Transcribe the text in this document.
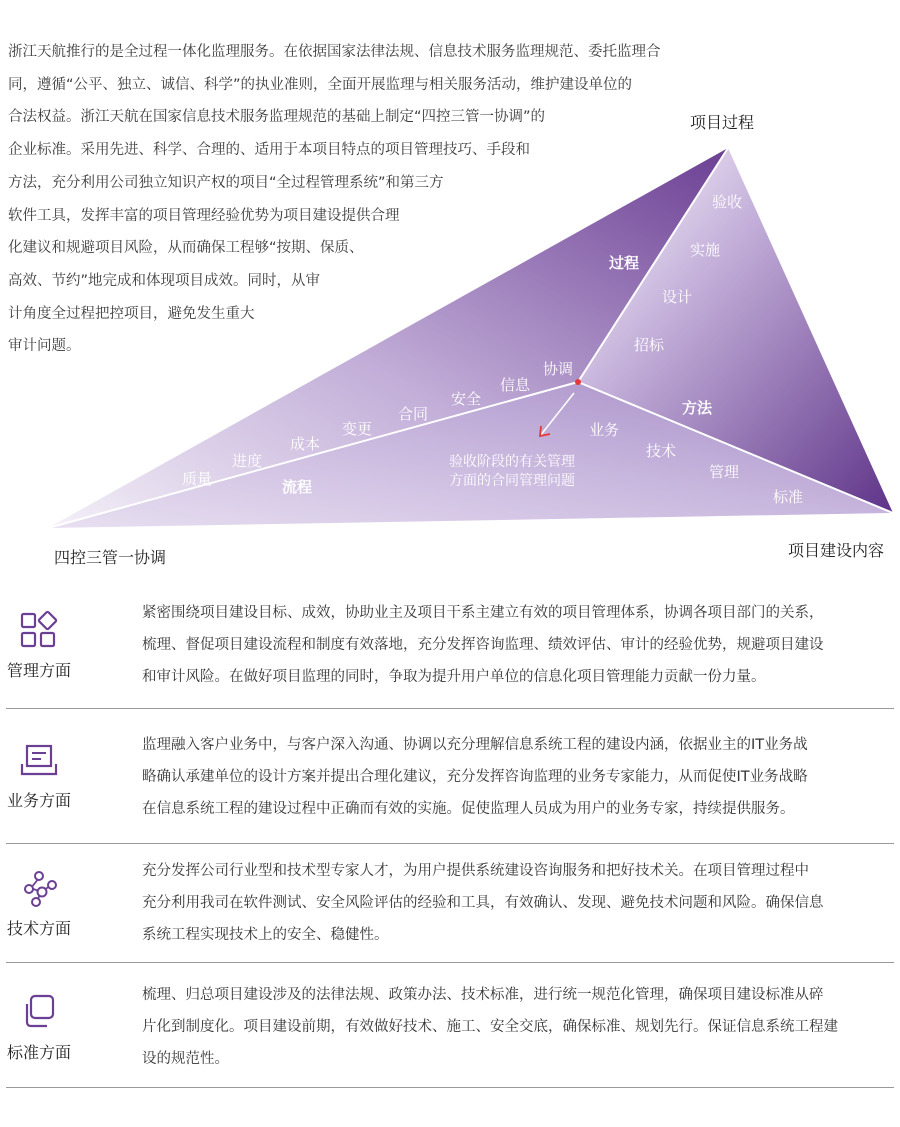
浙江天航推行的是全过程一体化监理服务。在依据国家法律法规、信息技术服务监理规范、委托监理合
同，遵循“公平、独立、诚信、科学”的执业准则，全面开展监理与相关服务活动，维护建设单位的
合法权益。浙江天航在国家信息技术服务监理规范的基础上制定“四控三管一协调”的
企业标准。采用先进、科学、合理的、适用于本项目特点的项目管理技巧、手段和
方法，充分利用公司独立知识产权的项目“全过程管理系统”和第三方
软件工具，发挥丰富的项目管理经验优势为项目建设提供合理
化建议和规避项目风险，从而确保工程够“按期、保质、
高效、节约”地完成和体现项目成效。同时，从审
计角度全过程把控项目，避免发生重大
审计问题。
过程
流程
方法
质量
进度
成本
变更
合同
安全
信息
协调
验收
实施
设计
招标
业务
技术
管理
标准
验收阶段的有关管理
方面的合同管理问题
项目过程
四控三管一协调	项目建设内容
管理方面
紧密围绕项目建设目标、成效，协助业主及项目干系主建立有效的项目管理体系，协调各项目部门的关系，
梳理、督促项目建设流程和制度有效落地，充分发挥咨询监理、绩效评估、审计的经验优势，规避项目建设
和审计风险。在做好项目监理的同时，争取为提升用户单位的信息化项目管理能力贡献一份力量。
业务方面
监理融入客户业务中，与客户深入沟通、协调以充分理解信息系统工程的建设内涵，依据业主的IT业务战
略确认承建单位的设计方案并提出合理化建议，充分发挥咨询监理的业务专家能力，从而促使IT业务战略
在信息系统工程的建设过程中正确而有效的实施。促使监理人员成为用户的业务专家，持续提供服务。
技术方面
充分发挥公司行业型和技术型专家人才，为用户提供系统建设咨询服务和把好技术关。在项目管理过程中
充分利用我司在软件测试、安全风险评估的经验和工具，有效确认、发现、避免技术问题和风险。确保信息
系统工程实现技术上的安全、稳健性。
标准方面
梳理、归总项目建设涉及的法律法规、政策办法、技术标准，进行统一规范化管理，确保项目建设标准从碎
片化到制度化。项目建设前期，有效做好技术、施工、安全交底，确保标准、规划先行。保证信息系统工程建
设的规范性。
